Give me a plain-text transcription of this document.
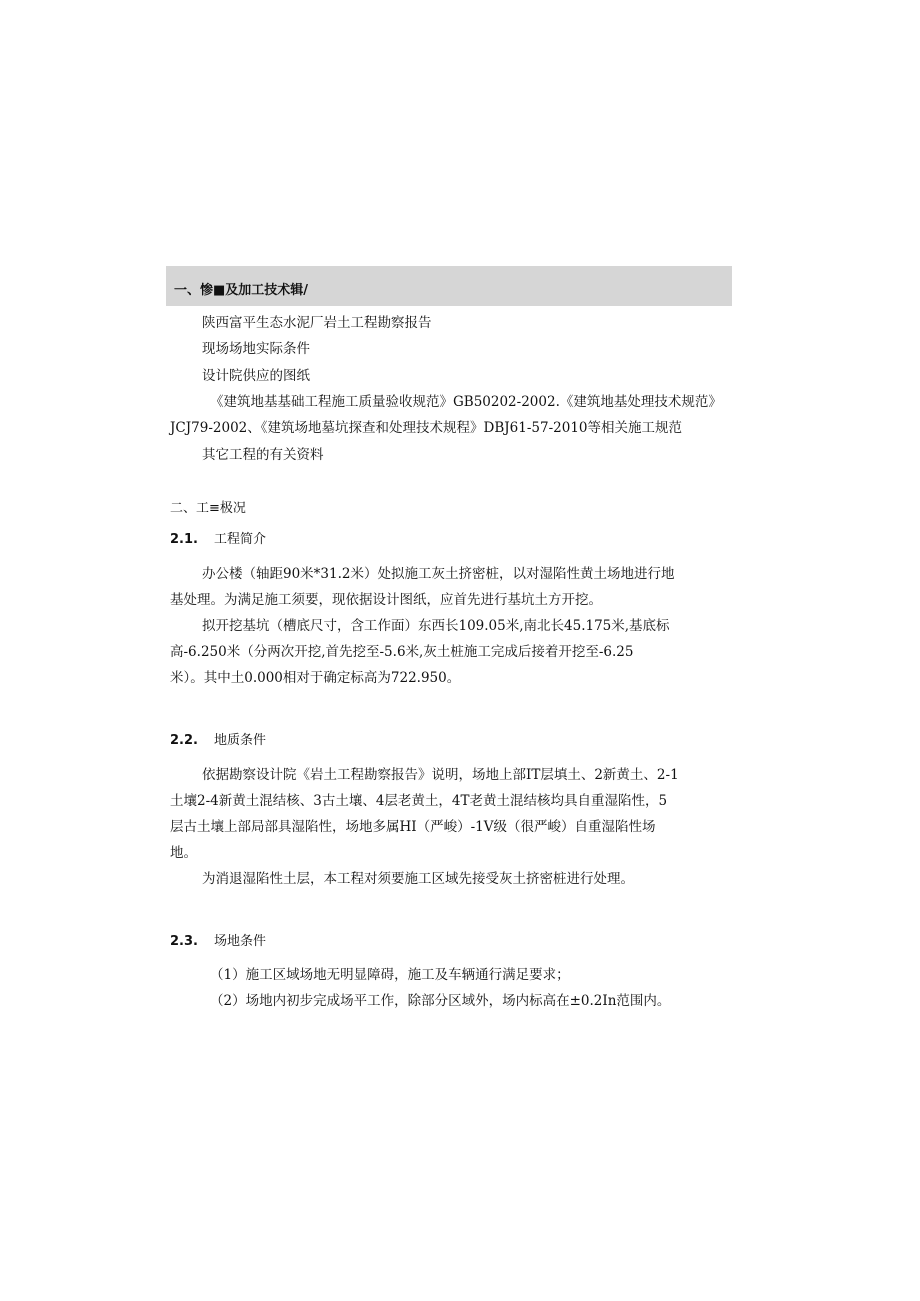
一、惨■及加工技术辑/
陕西富平生态水泥厂岩土工程勘察报告
现场场地实际条件
设计院供应的图纸
《建筑地基基础工程施工质量验收规范》GB50202-2002.《建筑地基处理技术规范》
JCJ79-2002、《建筑场地墓坑探查和处理技术规程》DBJ61-57-2010等相关施工规范
其它工程的有关资料
二、工≡极况
2.1. 工程简介
办公楼（轴距90米*31.2米）处拟施工灰土挤密桩，以对湿陷性黄土场地进行地
基处理。为满足施工须要，现依据设计图纸，应首先进行基坑土方开挖。
拟开挖基坑（槽底尺寸，含工作面）东西长109.05米,南北长45.175米,基底标
高-6.250米（分两次开挖,首先挖至-5.6米,灰土桩施工完成后接着开挖至-6.25
米）。其中土0.000相对于确定标高为722.950。
2.2. 地质条件
依据勘察设计院《岩土工程勘察报告》说明，场地上部IT层填土、2新黄土、2-1
土壤2-4新黄土混结核、3古土壤、4层老黄土，4T老黄土混结核均具自重湿陷性，5
层古土壤上部局部具湿陷性，场地多属HI（严峻）-1V级（很严峻）自重湿陷性场
地。
为消退湿陷性土层，本工程对须要施工区域先接受灰土挤密桩进行处理。
2.3. 场地条件
（1）施工区域场地无明显障碍，施工及车辆通行满足要求；
（2）场地内初步完成场平工作，除部分区域外，场内标高在±0.2In范围内。
